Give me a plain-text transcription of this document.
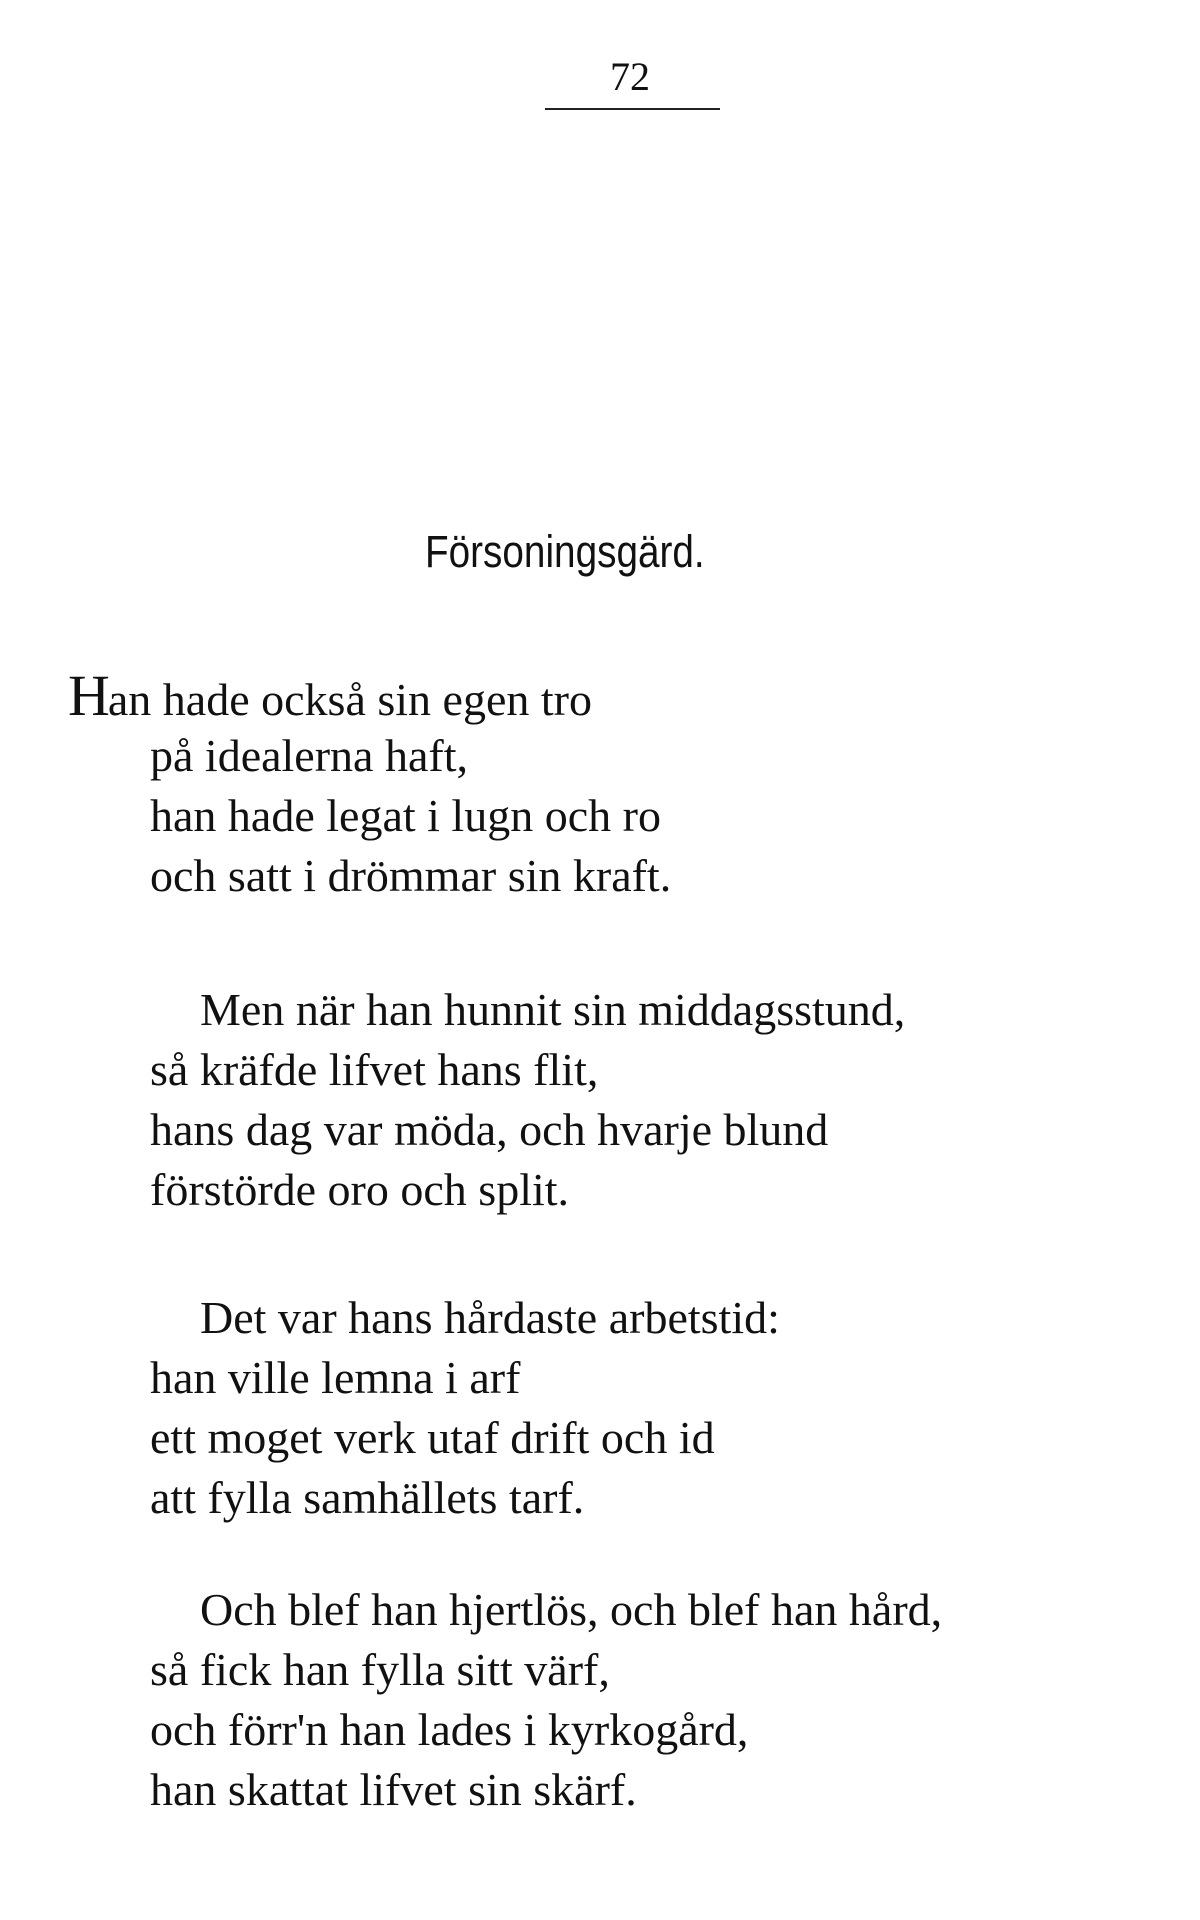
72
Försoningsgärd.
Han hade också sin egen tro
på idealerna haft,
han hade legat i lugn och ro
och satt i drömmar sin kraft.
Men när han hunnit sin middagsstund,
så kräfde lifvet hans flit,
hans dag var möda, och hvarje blund
förstörde oro och split.
Det var hans hårdaste arbetstid:
han ville lemna i arf
ett moget verk utaf drift och id
att fylla samhällets tarf.
Och blef han hjertlös, och blef han hård,
så fick han fylla sitt värf,
och förr'n han lades i kyrkogård,
han skattat lifvet sin skärf.
